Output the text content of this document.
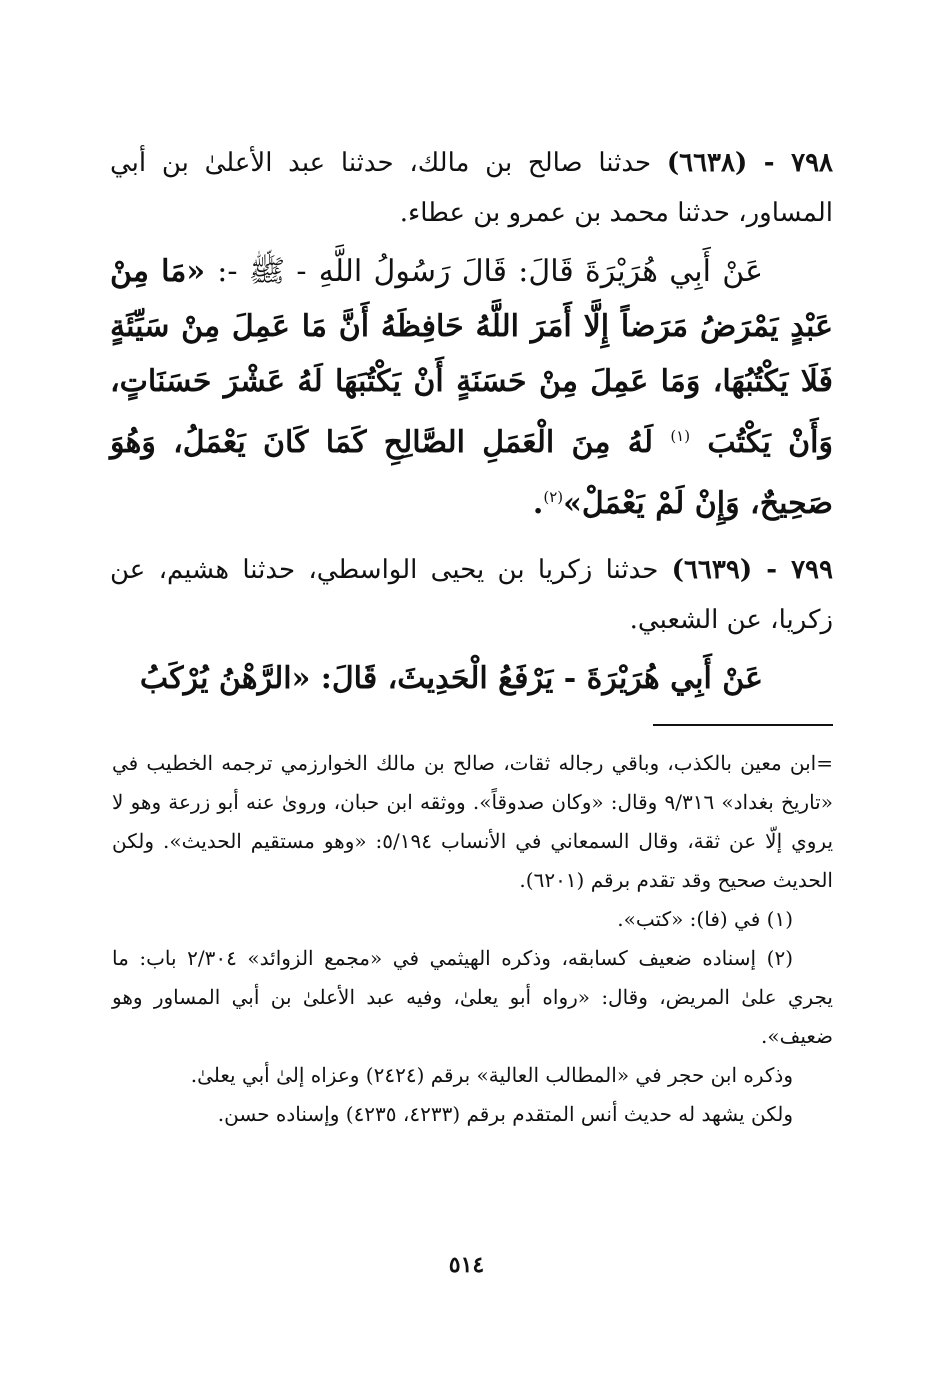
٧٩٨ - (٦٦٣٨) حدثنا صالح بن مالك، حدثنا عبد الأعلىٰ بن أبي المساور، حدثنا محمد بن عمرو بن عطاء.

عَنْ أَبِي هُرَيْرَةَ قَالَ: قَالَ رَسُولُ اللَّهِ - ﷺ -: «مَا مِنْ عَبْدٍ يَمْرَضُ مَرَضاً إِلَّا أَمَرَ اللَّهُ حَافِظَهُ أَنَّ مَا عَمِلَ مِنْ سَيِّئَةٍ فَلَا يَكْتُبُهَا، وَمَا عَمِلَ مِنْ حَسَنَةٍ أَنْ يَكْتُبَهَا لَهُ عَشْرَ حَسَنَاتٍ، وَأَنْ يَكْتُبَ $^{(١)}$ لَهُ مِنَ الْعَمَلِ الصَّالِحِ كَمَا كَانَ يَعْمَلُ، وَهُوَ صَحِيحٌ، وَإِنْ لَمْ يَعْمَلْ»$^{(٢)}$.

٧٩٩ - (٦٦٣٩) حدثنا زكريا بن يحيى الواسطي، حدثنا هشيم، عن زكريا، عن الشعبي.

عَنْ أَبِي هُرَيْرَةَ - يَرْفَعُ الْحَدِيثَ، قَالَ: «الرَّهْنُ يُرْكَبُ

=ابن معين بالكذب، وباقي رجاله ثقات، صالح بن مالك الخوارزمي ترجمه الخطيب في «تاريخ بغداد» ٩/٣١٦ وقال: «وكان صدوقاً». ووثقه ابن حبان، وروىٰ عنه أبو زرعة وهو لا يروي إلّا عن ثقة، وقال السمعاني في الأنساب ٥/١٩٤: «وهو مستقيم الحديث». ولكن الحديث صحيح وقد تقدم برقم (٦٢٠١).

(١) في (فا): «كتب».

(٢) إسناده ضعيف كسابقه، وذكره الهيثمي في «مجمع الزوائد» ٢/٣٠٤ باب: ما يجري علىٰ المريض، وقال: «رواه أبو يعلىٰ، وفيه عبد الأعلىٰ بن أبي المساور وهو ضعيف».

وذكره ابن حجر في «المطالب العالية» برقم (٢٤٢٤) وعزاه إلىٰ أبي يعلىٰ.

ولكن يشهد له حديث أنس المتقدم برقم (٤٢٣٣، ٤٢٣٥) وإسناده حسن.

٥١٤
